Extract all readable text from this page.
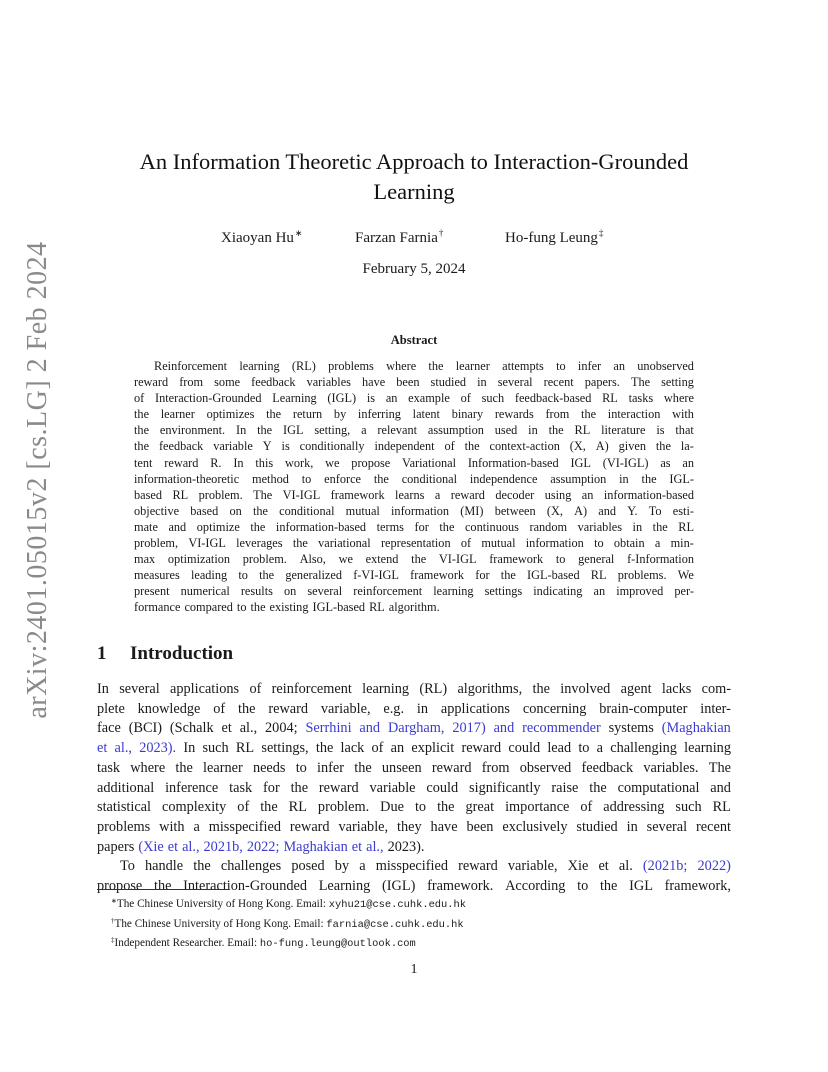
arXiv:2401.05015v2 [cs.LG] 2 Feb 2024
An Information Theoretic Approach to Interaction-Grounded
Learning
Xiaoyan Hu∗	Farzan Farnia†	Ho-fung Leung‡
February 5, 2024
Abstract
Reinforcement learning (RL) problems where the learner attempts to infer an unobserved
reward from some feedback variables have been studied in several recent papers. The setting
of Interaction-Grounded Learning (IGL) is an example of such feedback-based RL tasks where
the learner optimizes the return by inferring latent binary rewards from the interaction with
the environment. In the IGL setting, a relevant assumption used in the RL literature is that
the feedback variable Y is conditionally independent of the context-action (X, A) given the la-
tent reward R. In this work, we propose Variational Information-based IGL (VI-IGL) as an
information-theoretic method to enforce the conditional independence assumption in the IGL-
based RL problem. The VI-IGL framework learns a reward decoder using an information-based
objective based on the conditional mutual information (MI) between (X, A) and Y. To esti-
mate and optimize the information-based terms for the continuous random variables in the RL
problem, VI-IGL leverages the variational representation of mutual information to obtain a min-
max optimization problem. Also, we extend the VI-IGL framework to general f-Information
measures leading to the generalized f-VI-IGL framework for the IGL-based RL problems. We
present numerical results on several reinforcement learning settings indicating an improved per-
formance compared to the existing IGL-based RL algorithm.
1 Introduction
In several applications of reinforcement learning (RL) algorithms, the involved agent lacks com-
plete knowledge of the reward variable, e.g. in applications concerning brain-computer inter-
face (BCI) (Schalk et al., 2004; Serrhini and Dargham, 2017) and recommender systems (Maghakian
et al., 2023). In such RL settings, the lack of an explicit reward could lead to a challenging learning
task where the learner needs to infer the unseen reward from observed feedback variables. The
additional inference task for the reward variable could significantly raise the computational and
statistical complexity of the RL problem. Due to the great importance of addressing such RL
problems with a misspecified reward variable, they have been exclusively studied in several recent
papers (Xie et al., 2021b, 2022; Maghakian et al., 2023).
To handle the challenges posed by a misspecified reward variable, Xie et al. (2021b; 2022)
propose the Interaction-Grounded Learning (IGL) framework. According to the IGL framework,
∗The Chinese University of Hong Kong. Email: xyhu21@cse.cuhk.edu.hk
†The Chinese University of Hong Kong. Email: farnia@cse.cuhk.edu.hk
‡Independent Researcher. Email: ho-fung.leung@outlook.com
1
